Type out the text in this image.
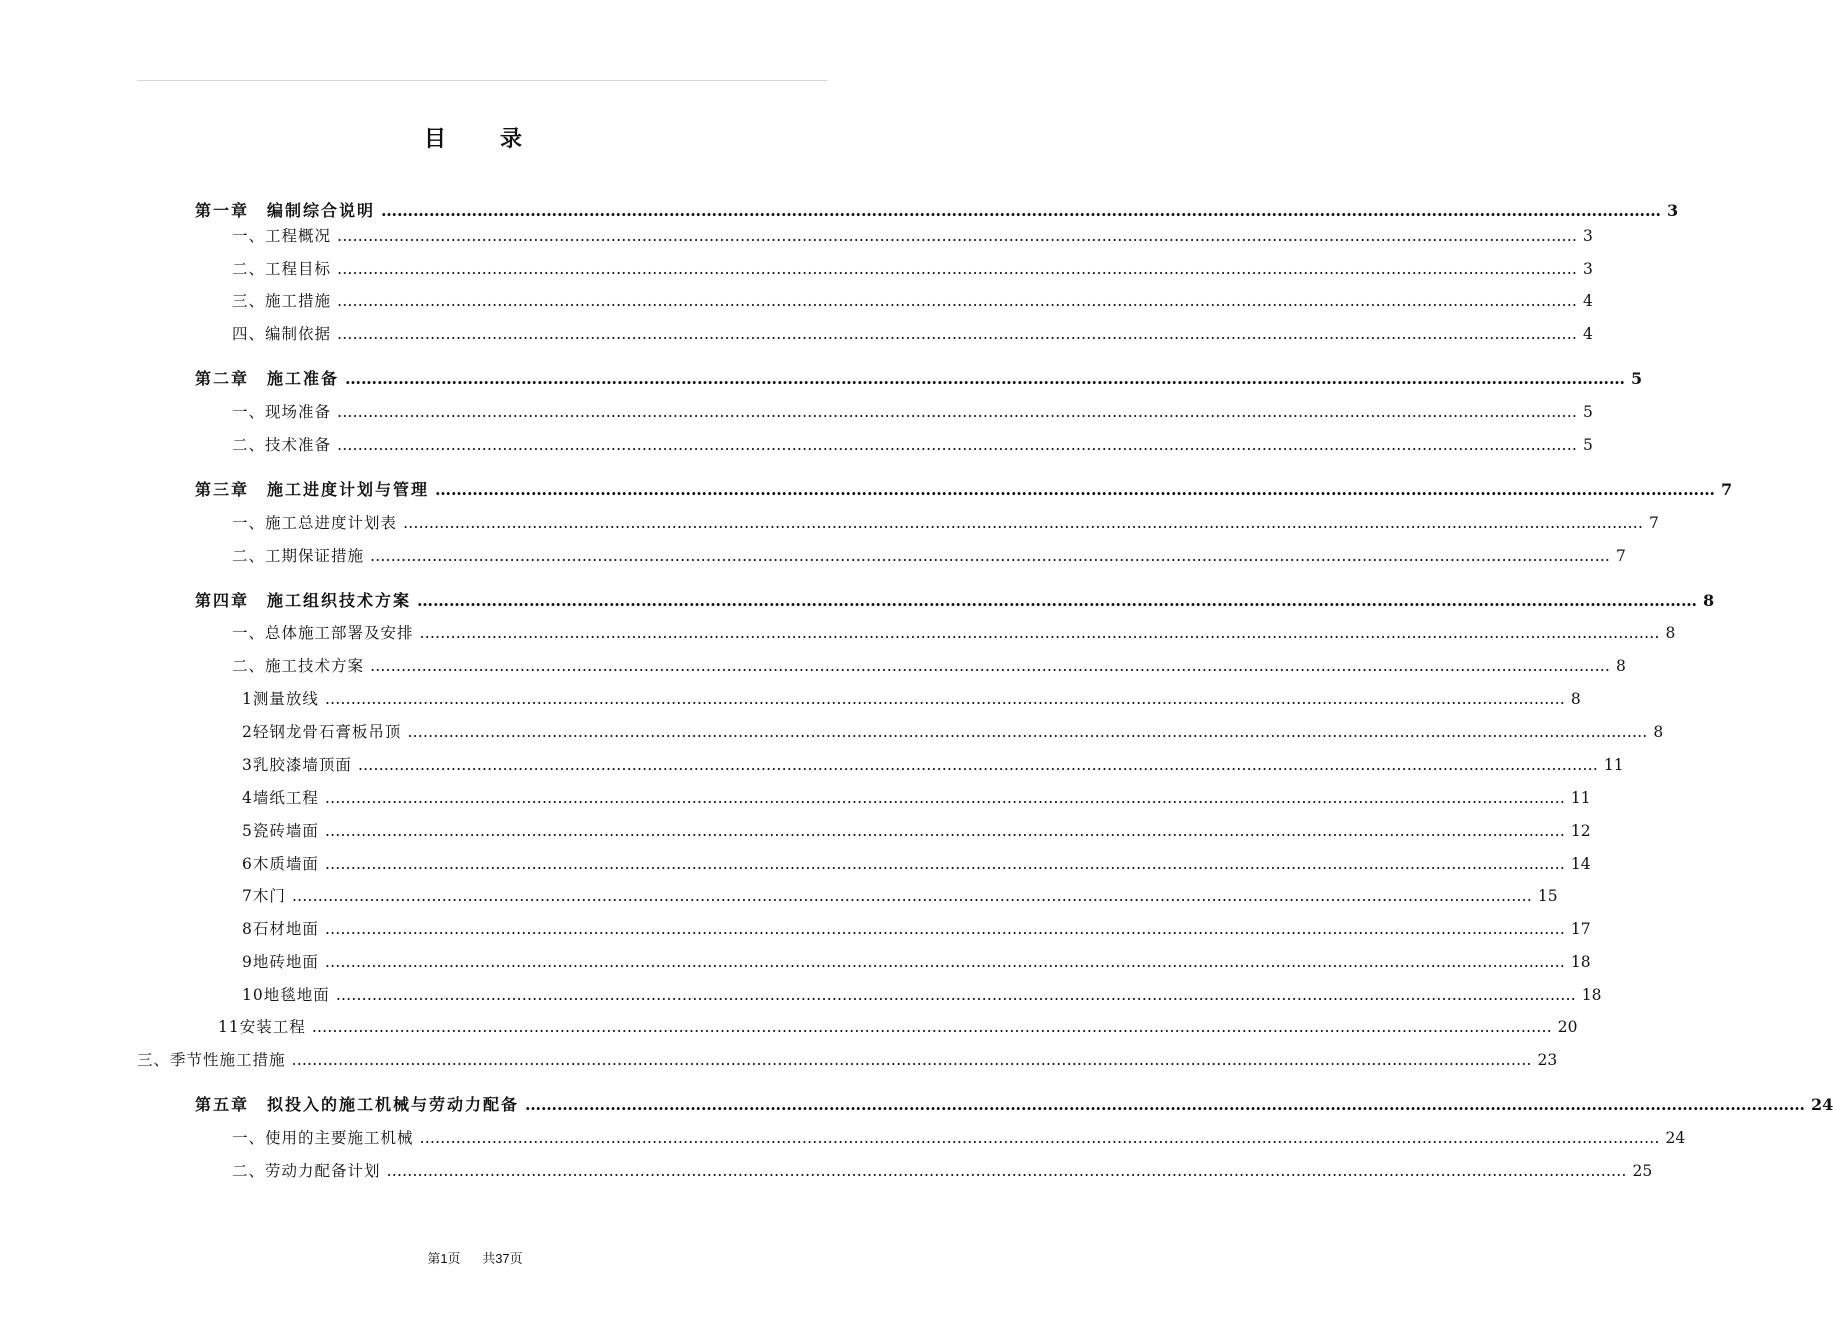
目录
第一章　编制综合说明 …………………………………………………………………………………………………………………………………………………………………………………………………………………… 3
一、工程概况 …………………………………………………………………………………………………………………………………………………………………………………………………………………… 3
二、工程目标 …………………………………………………………………………………………………………………………………………………………………………………………………………………… 3
三、施工措施 …………………………………………………………………………………………………………………………………………………………………………………………………………………… 4
四、编制依据 …………………………………………………………………………………………………………………………………………………………………………………………………………………… 4
第二章　施工准备 …………………………………………………………………………………………………………………………………………………………………………………………………………………… 5
一、现场准备 …………………………………………………………………………………………………………………………………………………………………………………………………………………… 5
二、技术准备 …………………………………………………………………………………………………………………………………………………………………………………………………………………… 5
第三章　施工进度计划与管理 …………………………………………………………………………………………………………………………………………………………………………………………………………………… 7
一、施工总进度计划表 …………………………………………………………………………………………………………………………………………………………………………………………………………………… 7
二、工期保证措施 …………………………………………………………………………………………………………………………………………………………………………………………………………………… 7
第四章　施工组织技术方案 …………………………………………………………………………………………………………………………………………………………………………………………………………………… 8
一、总体施工部署及安排 …………………………………………………………………………………………………………………………………………………………………………………………………………………… 8
二、施工技术方案 …………………………………………………………………………………………………………………………………………………………………………………………………………………… 8
1测量放线 …………………………………………………………………………………………………………………………………………………………………………………………………………………… 8
2轻钢龙骨石膏板吊顶 …………………………………………………………………………………………………………………………………………………………………………………………………………………… 8
3乳胶漆墙顶面 …………………………………………………………………………………………………………………………………………………………………………………………………………………… 11
4墙纸工程 …………………………………………………………………………………………………………………………………………………………………………………………………………………… 11
5瓷砖墙面 …………………………………………………………………………………………………………………………………………………………………………………………………………………… 12
6木质墙面 …………………………………………………………………………………………………………………………………………………………………………………………………………………… 14
7木门 …………………………………………………………………………………………………………………………………………………………………………………………………………………… 15
8石材地面 …………………………………………………………………………………………………………………………………………………………………………………………………………………… 17
9地砖地面 …………………………………………………………………………………………………………………………………………………………………………………………………………………… 18
10地毯地面 …………………………………………………………………………………………………………………………………………………………………………………………………………………… 18
11安装工程 …………………………………………………………………………………………………………………………………………………………………………………………………………………… 20
三、季节性施工措施 …………………………………………………………………………………………………………………………………………………………………………………………………………………… 23
第五章　拟投入的施工机械与劳动力配备 …………………………………………………………………………………………………………………………………………………………………………………………………………………… 24
一、使用的主要施工机械 …………………………………………………………………………………………………………………………………………………………………………………………………………………… 24
二、劳动力配备计划 …………………………………………………………………………………………………………………………………………………………………………………………………………………… 25
第1页 共37页
